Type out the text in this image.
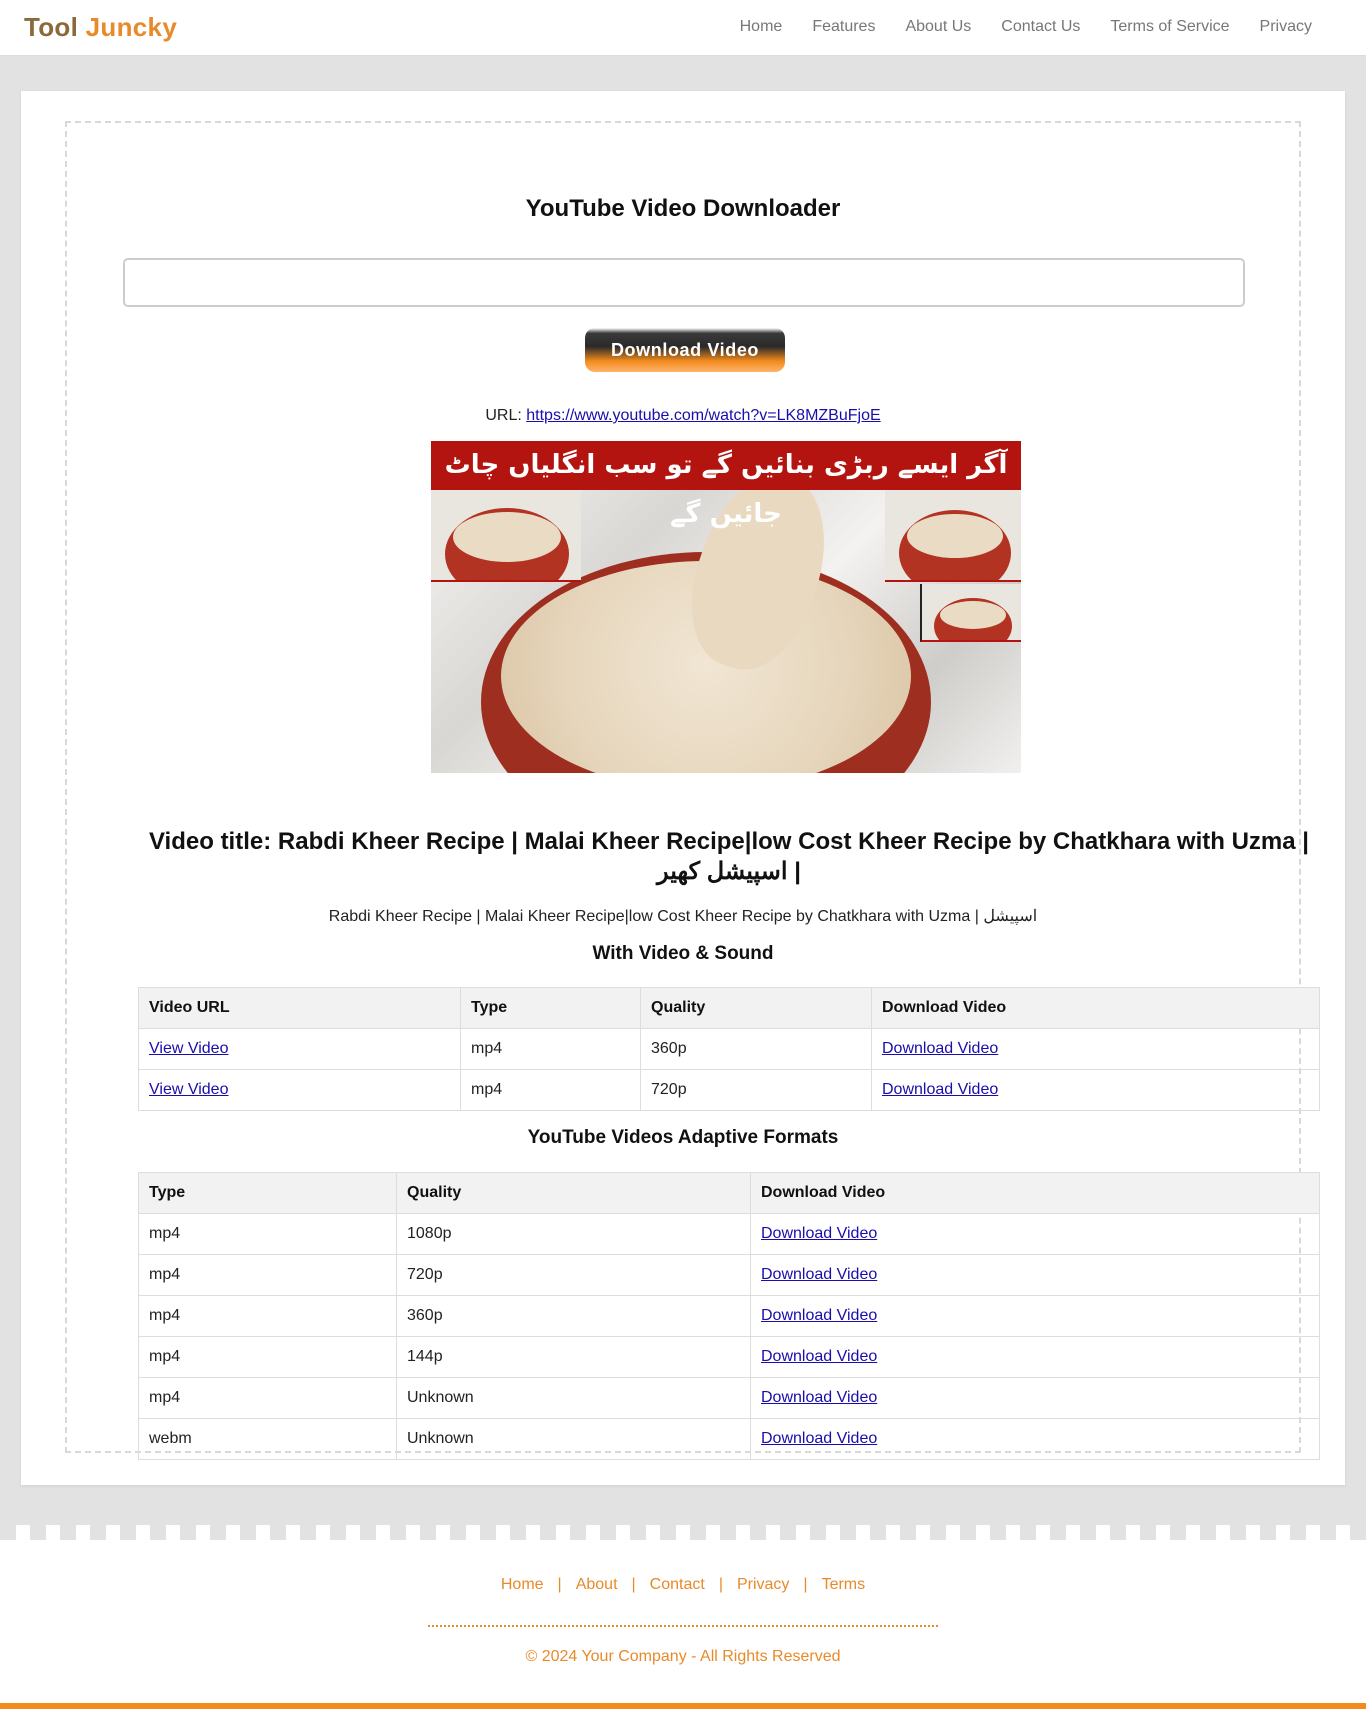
Tool Juncky	Home Features About Us Contact Us Terms of Service Privacy
YouTube Video Downloader
Download Video
URL: https://www.youtube.com/watch?v=LK8MZBuFjoE
آگر ایسے ربڑی بنائیں گے تو سب انگلیاں چاٹ جائیں گے
Video title: Rabdi Kheer Recipe | Malai Kheer Recipe|low Cost Kheer Recipe by Chatkhara with Uzma | اسپیشل کھیر |
Rabdi Kheer Recipe | Malai Kheer Recipe|low Cost Kheer Recipe by Chatkhara with Uzma | اسپیشل
With Video & Sound
Video URL	Type	Quality	Download Video
View Video	mp4	360p	Download Video
View Video	mp4	720p	Download Video
YouTube Videos Adaptive Formats
Type	Quality	Download Video
mp4	1080p	Download Video
mp4	720p	Download Video
mp4	360p	Download Video
mp4	144p	Download Video
mp4	Unknown	Download Video
webm	Unknown	Download Video
Home | About | Contact | Privacy | Terms
© 2024 Your Company - All Rights Reserved
